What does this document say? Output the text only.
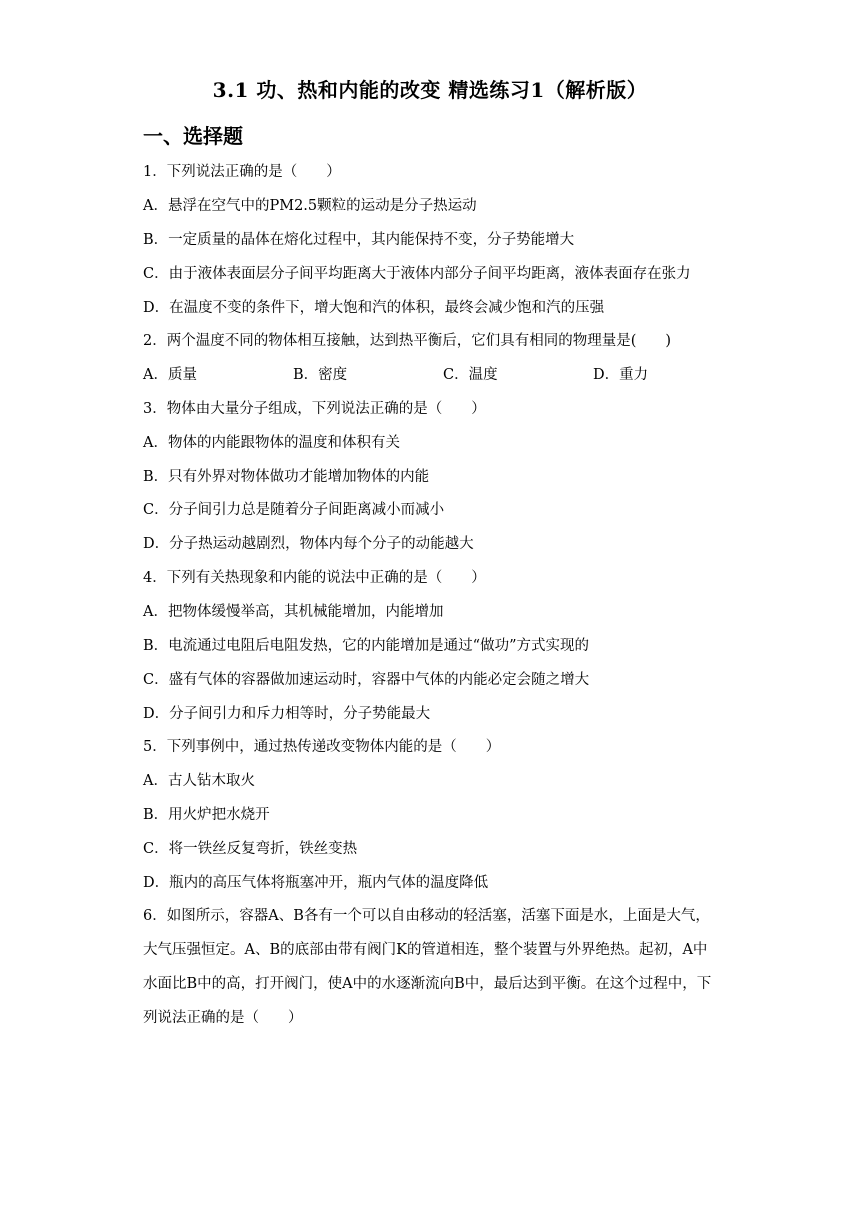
3.1 功、热和内能的改变 精选练习1（解析版）
一、选择题
1．下列说法正确的是（　　）
A．悬浮在空气中的PM2.5颗粒的运动是分子热运动
B．一定质量的晶体在熔化过程中，其内能保持不变，分子势能增大
C．由于液体表面层分子间平均距离大于液体内部分子间平均距离，液体表面存在张力
D．在温度不变的条件下，增大饱和汽的体积，最终会减少饱和汽的压强
2．两个温度不同的物体相互接触，达到热平衡后，它们具有相同的物理量是(　　)
A．质量	B．密度	C．温度	D．重力
3．物体由大量分子组成，下列说法正确的是（　　）
A．物体的内能跟物体的温度和体积有关
B．只有外界对物体做功才能增加物体的内能
C．分子间引力总是随着分子间距离减小而减小
D．分子热运动越剧烈，物体内每个分子的动能越大
4．下列有关热现象和内能的说法中正确的是（　　）
A．把物体缓慢举高，其机械能增加，内能增加
B．电流通过电阻后电阻发热，它的内能增加是通过“做功”方式实现的
C．盛有气体的容器做加速运动时，容器中气体的内能必定会随之增大
D．分子间引力和斥力相等时，分子势能最大
5．下列事例中，通过热传递改变物体内能的是（　　）
A．古人钻木取火
B．用火炉把水烧开
C．将一铁丝反复弯折，铁丝变热
D．瓶内的高压气体将瓶塞冲开，瓶内气体的温度降低
6．如图所示，容器A、B各有一个可以自由移动的轻活塞，活塞下面是水，上面是大气，大气压强恒定。A、B的底部由带有阀门K的管道相连，整个装置与外界绝热。起初，A中水面比B中的高，打开阀门，使A中的水逐渐流向B中，最后达到平衡。在这个过程中，下列说法正确的是（　　）
